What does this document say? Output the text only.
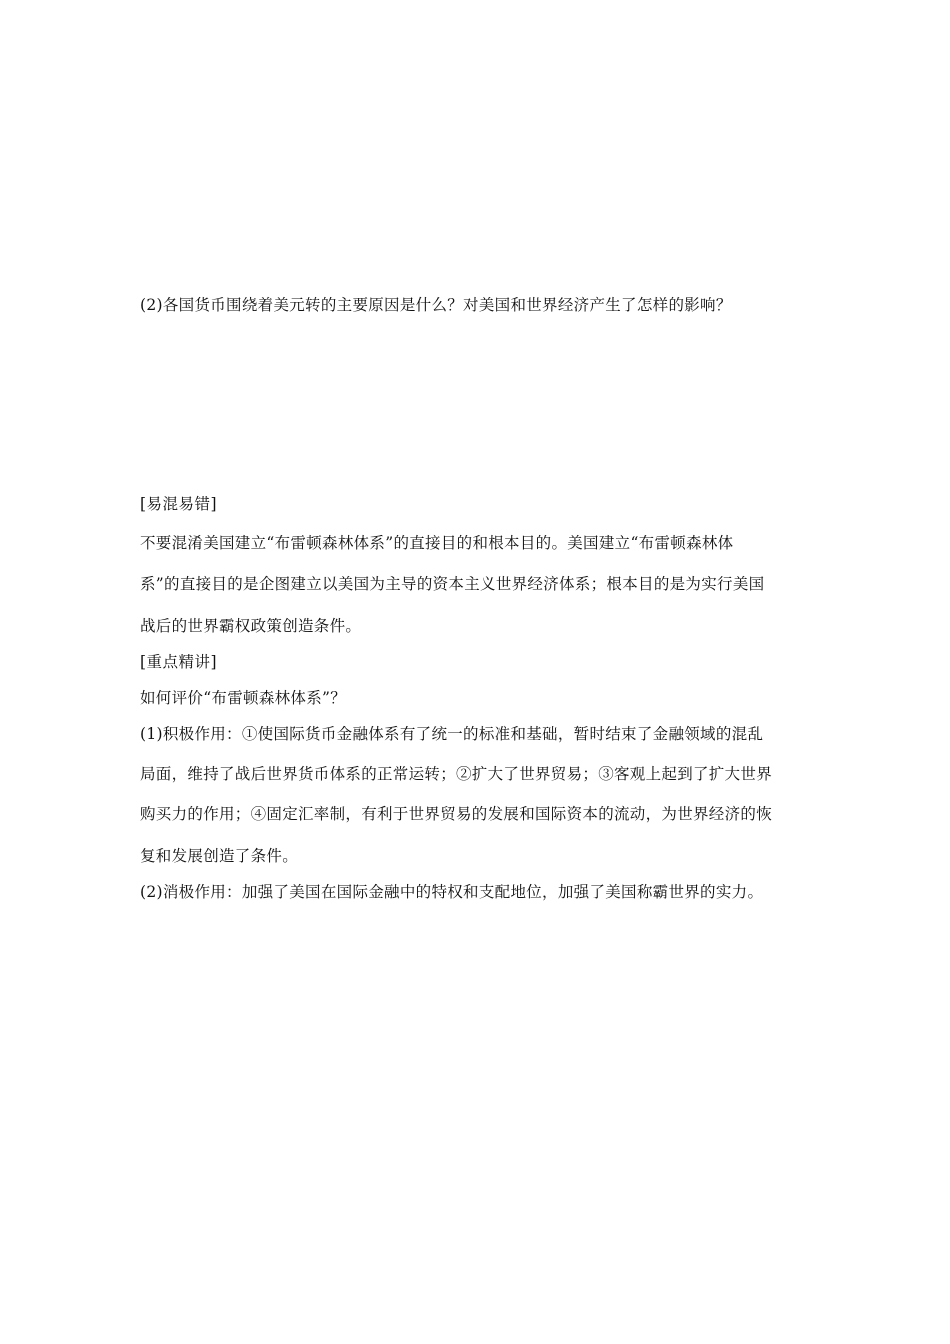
(2)各国货币围绕着美元转的主要原因是什么？对美国和世界经济产生了怎样的影响？
[易混易错]
不要混淆美国建立“布雷顿森林体系”的直接目的和根本目的。美国建立“布雷顿森林体
系”的直接目的是企图建立以美国为主导的资本主义世界经济体系；根本目的是为实行美国
战后的世界霸权政策创造条件。
[重点精讲]
如何评价“布雷顿森林体系”？
(1)积极作用：①使国际货币金融体系有了统一的标准和基础，暂时结束了金融领域的混乱
局面，维持了战后世界货币体系的正常运转；②扩大了世界贸易；③客观上起到了扩大世界
购买力的作用；④固定汇率制，有利于世界贸易的发展和国际资本的流动，为世界经济的恢
复和发展创造了条件。
(2)消极作用：加强了美国在国际金融中的特权和支配地位，加强了美国称霸世界的实力。
